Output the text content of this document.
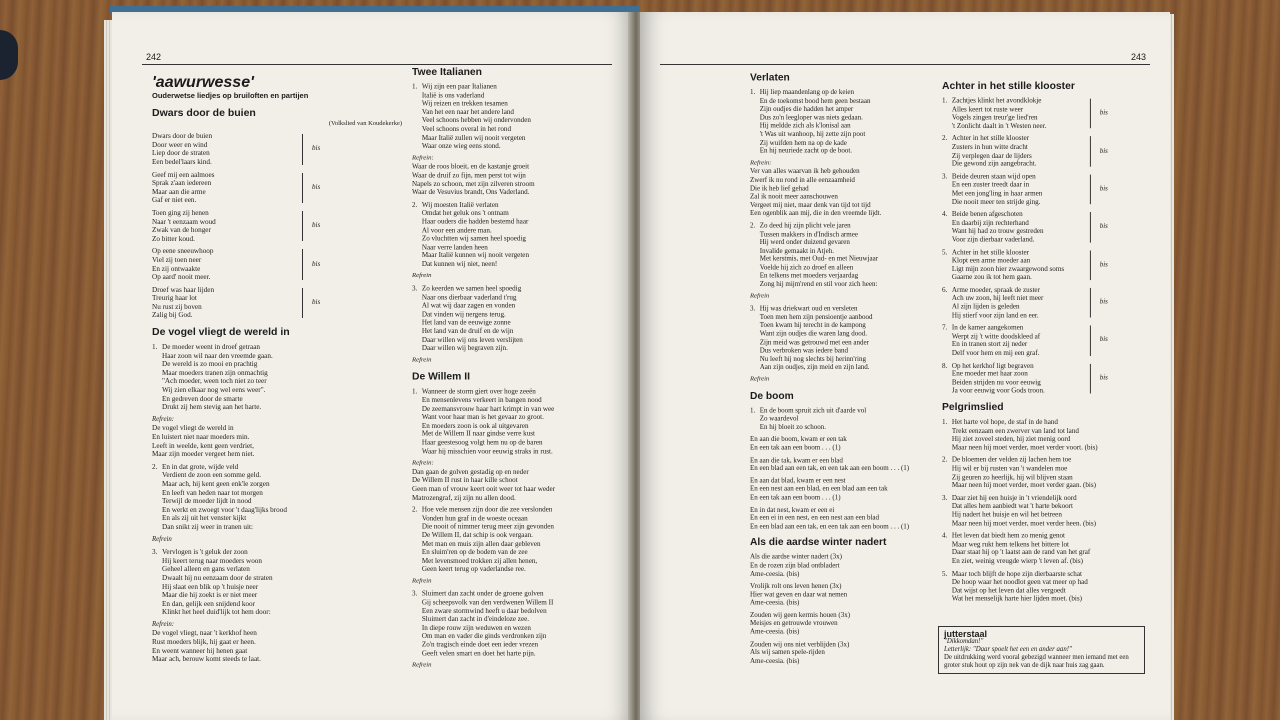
242
'aawurwesse'
Ouderwetse liedjes op bruiloften en partijen
Dwars door de buien
(Volkslied van Koudekerke)
Dwars door de buien
Door weer en wind
Liep door de straten
Een bedel'laars kind.
bis
Geef mij een aalmoes
Sprak z'aan iedereen
Maar aan die arme
Gaf er niet een.
bis
Toen ging zij henen
Naar 't eenzaam woud
Zwak van de honger
Zo bitter koud.
bis
Op eene sneeuwhoop
Viel zij toen neer
En zij ontwaakte
Op aard' nooit meer.
bis
Droef was haar lijden
Treurig haar lot
Nu rust zij boven
Zalig bij God.
bis
De vogel vliegt de wereld in
1. De moeder weent in droef getraan
Haar zoon wil naar den vreemde gaan.
De wereld is zo mooi en prachtig
Maar moeders tranen zijn onmachtig
"Ach moeder, ween toch niet zo teer
Wij zien elkaar nog wel eens weer".
En gedreven door de smarte
Drukt zij hem stevig aan het harte.
Refrein:
De vogel vliegt de wereld in
En luistert niet naar moeders min.
Leeft in weelde, kent geen verdriet,
Maar zijn moeder vergeet hem niet.
2. En in dat grote, wijde veld
Verdient de zoon een somme geld.
Maar ach, hij kent geen enk'le zorgen
En leeft van heden naar tot morgen
Terwijl de moeder lijdt in nood
En werkt en zwoegt voor 't daag'lijks brood
En als zij uit het venster kijkt
Dan snikt zij weer in tranen uit:
Refrein
3. Vervlogen is 't geluk der zoon
Hij keert terug naar moeders woon
Geheel alleen en gans verlaten
Dwaalt hij nu eenzaam door de straten
Hij slaat een blik op 't huisje neer
Maar die hij zoekt is er niet meer
En dan, gelijk een snijdend koor
Klinkt het heel duid'lijk tot hem door:
Refrein:
De vogel vliegt, naar 't kerkhof heen
Rust moeders blijk, hij gaat er heen.
En weent wanneer hij henen gaat
Maar ach, berouw komt steeds te laat.
Twee Italianen
1. Wij zijn een paar Italianen
Italië is ons vaderland
Wij reizen en trekken tesamen
Van het een naar het andere land
Veel schoons hebben wij ondervonden
Veel schoons overal in het rond
Maar Italië zullen wij nooit vergeten
Waar onze wieg eens stond.
Refrein:
Waar de roos bloeit, en de kastanje groeit
Waar de druif zo fijn, men perst tot wijn
Napels zo schoon, met zijn zilveren stroom
Waar de Vesuvius brandt, Ons Vaderland.
2. Wij moesten Italië verlaten
Omdat het geluk ons 't ontnam
Haar ouders die hadden bestemd haar
Al voor een andere man.
Zo vluchtten wij samen heel spoedig
Naar verre landen heen
Maar Italië kunnen wij nooit vergeten
Dat kunnen wij niet, neen!
Refrein
3. Zo keerden we samen heel spoedig
Naar ons dierbaar vaderland t'rug
Al wat wij daar zagen en vonden
Dat vinden wij nergens terug.
Het land van de eeuwige zonne
Het land van de druif en de wijn
Daar willen wij ons leven verslijten
Daar willen wij begraven zijn.
Refrein
De Willem II
1. Wanneer de storm giert over hoge zeeën
En mensenlevens verkeert in bangen nood
De zeemansvrouw haar hart krimpt in van wee
Want voor haar man is het gevaar zo groot.
En moeders zoon is ook al uitgevaren
Met de Willem II naar gindse verre kust
Haar geestesoog volgt hem nu op de baren
Waar hij misschien voor eeuwig straks in rust.
Refrein:
Dan gaan de golven gestadig op en neder
De Willem II rust in haar kille schoot
Geen man of vrouw keert ooit weer tot haar weder
Matrozengraf, zij zijn nu allen dood.
2. Hoe vele mensen zijn door die zee verslonden
Vonden hun graf in de woeste oceaan
Die nooit of nimmer terug meer zijn gevonden
De Willem II, dat schip is ook vergaan.
Met man en muis zijn allen daar gebleven
En sluim'ren op de bodem van de zee
Met levensmoed trokken zij allen henen,
Geen keert terug op vaderlandse ree.
Refrein
3. Sluimert dan zacht onder de groene golven
Gij scheepsvolk van den verdwenen Willem II
Een zware stormwind heeft u daar bedolven
Sluimert dan zacht in d'eindeloze zee.
In diepe rouw zijn weduwen en wezen
Om man en vader die ginds verdronken zijn
Zo'n tragisch einde doet een ieder vrezen
Geeft velen smart en doet het harte pijn.
Refrein
243
Verlaten
1. Hij liep maandenlang op de keien
En de toekomst bood hem geen bestaan
Zijn oudjes die hadden het amper
Dus zo'n leegloper was niets gedaan.
Hij meldde zich als k'lonisal aan
't Was uit wanhoop, hij zette zijn poot
Zij wuifden hem na op de kade
En hij neuriede zacht op de boot.
Refrein:
Ver van alles waarvan ik heb gehouden
Zwerf ik nu rond in alle eenzaamheid
Die ik heb lief gehad
Zal ik nooit meer aanschouwen
Vergeet mij niet, maar denk van tijd tot tijd
Een ogenblik aan mij, die in den vreemde lijdt.
2. Zo deed hij zijn plicht vele jaren
Tussen makkers in d'Indisch armee
Hij werd onder duizend gevaren
Invalide gemaakt in Atjeh.
Met kerstmis, met Oud- en met Nieuwjaar
Voelde hij zich zo droef en alleen
En telkens met moeders verjaardag
Zong hij mijm'rend en stil voor zich heen:
Refrein
3. Hij was driekwart oud en versleten
Toen men hem zijn pensioentje aanbood
Toen kwam hij terecht in de kampong
Want zijn oudjes die waren lang dood.
Zijn meid was getrouwd met een ander
Dus verbroken was iedere band
Nu leeft hij nog slechts bij herinn'ring
Aan zijn oudjes, zijn meid en zijn land.
Refrein
De boom
1. En de boom spruit zich uit d'aarde vol
Zo waardevol
En hij bloeit zo schoon.
En aan die boom, kwam er een tak
En een tak aan een boom . . . (1)
En aan die tak, kwam er een blad
En een blad aan een tak, en een tak aan een boom . . . (1)
En aan dat blad, kwam er een nest
En een nest aan een blad, en een blad aan een tak
En een tak aan een boom . . . (1)
En in dat nest, kwam er een ei
En een ei in een nest, en een nest aan een blad
En een blad aan een tak, en een tak aan een boom . . . (1)
Als die aardse winter nadert
Als die aardse winter nadert (3x)
En de rozen zijn blad ontbladert
Ame-ceesia. (bis)
Vrolijk rolt ons leven henen (3x)
Hier wat geven en daar wat nemen
Ame-ceesia. (bis)
Zouden wij geen kermis houen (3x)
Meisjes en getrouwde vrouwen
Ame-ceesia. (bis)
Zouden wij ons niet verblijden (3x)
Als wij samen spele-rijden
Ame-ceesia. (bis)
Achter in het stille klooster
1. Zachtjes klinkt het avondklokje
Alles keert tot ruste weer
Vogels zingen treur'ge lied'ren
't Zonlicht daalt in 't Westen neer.
bis
2. Achter in het stille klooster
Zusters in hun witte dracht
Zij verplegen daar de lijders
Die gewond zijn aangebracht.
bis
3. Beide deuren staan wijd open
En een zuster treedt daar in
Met een jong'ling in haar armen
Die nooit meer ten strijde ging.
bis
4. Beide benen afgeschoten
En daarbij zijn rechterhand
Want hij had zo trouw gestreden
Voor zijn dierbaar vaderland.
bis
5. Achter in het stille klooster
Klopt een arme moeder aan
Ligt mijn zoon hier zwaargewond soms
Gaarne zou ik tot hem gaan.
bis
6. Arme moeder, spraak de zuster
Ach uw zoon, hij leeft niet meer
Al zijn lijden is geleden
Hij stierf voor zijn land en eer.
bis
7. In de kamer aangekomen
Werpt zij 't witte doodskleed af
En in tranen stort zij neder
Delf voor hem en mij een graf.
bis
8. Op het kerkhof ligt begraven
Ene moeder met haar zoon
Beiden strijden nu voor eeuwig
Ja voor eeuwig voor Gods troon.
bis
Pelgrimslied
1. Het harte vol hope, de staf in de hand
Trekt eenzaam een zwerver van land tot land
Hij ziet zoveel steden, hij ziet menig oord
Maar neen hij moet verder, moet verder voort. (bis)
2. De bloemen der velden zij lachen hem toe
Hij wil er bij rusten van 't wandelen moe
Zij geuren zo heerlijk, hij wil blijven staan
Maar neen hij moet verder, moet verder gaan. (bis)
3. Daar ziet hij een huisje in 't vriendelijk oord
Dat alles hem aanbiedt wat 't harte bekoort
Hij nadert het huisje en wil het betreen
Maar neen hij moet verder, moet verder heen. (bis)
4. Het leven dat biedt hem zo menig genot
Maar weg rukt hem telkens het bittere lot
Daar staat hij op 't laatst aan de rand van het graf
En ziet, weinig vreugde wierp 't leven af. (bis)
5. Maar toch blijft de hope zijn dierbaarste schat
De hoop waar het noodlot geen vat meer op had
Dat wijst op het leven dat alles vergoedt
Wat het menselijk harte hier lijden moet. (bis)
jutterstaal
"Dikkomdan!"
Letterlijk: "Daar spoelt het een en ander aan!"
De uitdrukking werd vooral gebezigd wanneer men iemand met een groter stuk hout op zijn nek van de dijk naar huis zag gaan.
